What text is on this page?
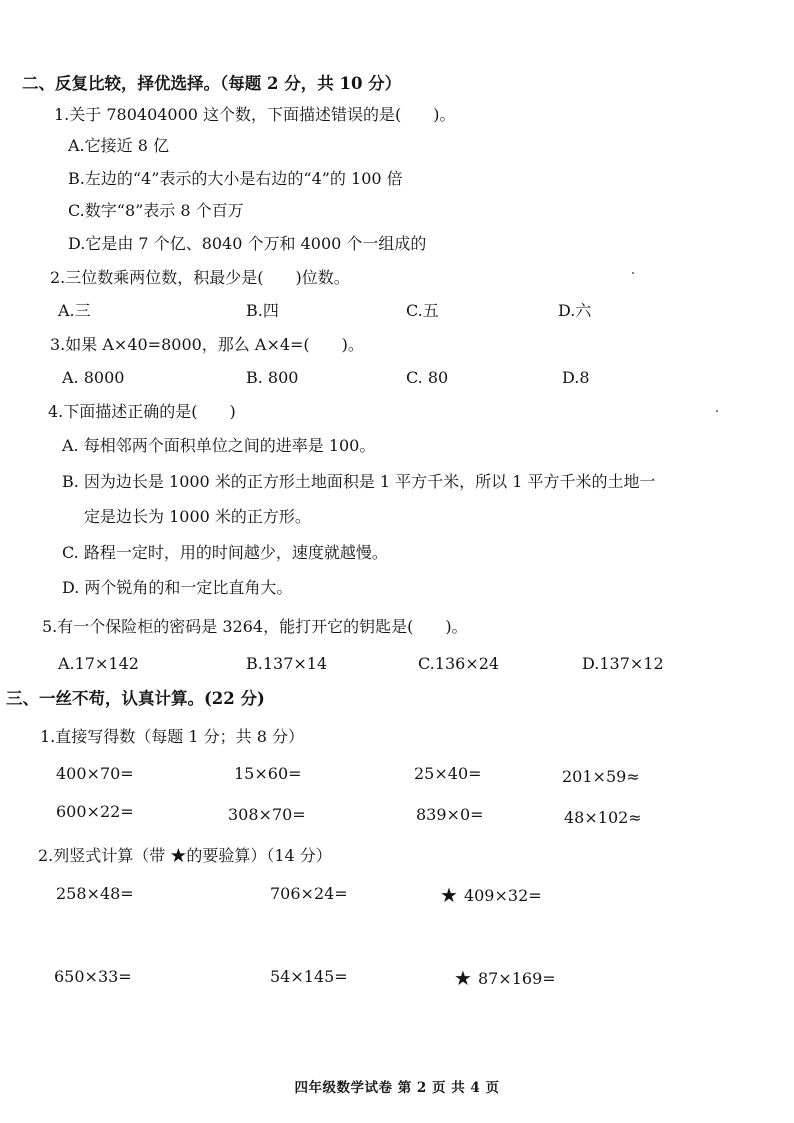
二、反复比较，择优选择。（每题 2 分，共 10 分）
1.关于 780404000 这个数，下面描述错误的是(　　)。
A.它接近 8 亿
B.左边的“4”表示的大小是右边的“4”的 100 倍
C.数字“8”表示 8 个百万
D.它是由 7 个亿、8040 个万和 4000 个一组成的
2.三位数乘两位数，积最少是(　　)位数。
A.三	B.四	C.五	D.六
3.如果 A×40=8000，那么 A×4=(　　)。
A. 8000	B. 800	C. 80	D.8
4.下面描述正确的是(　　)
A. 每相邻两个面积单位之间的进率是 100。
B. 因为边长是 1000 米的正方形土地面积是 1 平方千米，所以 1 平方千米的土地一
定是边长为 1000 米的正方形。
C. 路程一定时，用的时间越少，速度就越慢。
D. 两个锐角的和一定比直角大。
5.有一个保险柜的密码是 3264，能打开它的钥匙是(　　)。
A.17×142	B.137×14	C.136×24	D.137×12
三、一丝不苟，认真计算。(22 分)
1.直接写得数（每题 1 分；共 8 分）
400×70=	15×60=	25×40=	201×59≈
600×22=	308×70=	839×0=	48×102≈
2.列竖式计算（带 ★的要验算）（14 分）
258×48=	706×24=	★ 409×32=
650×33=	54×145=	★ 87×169=
四年级数学试卷 第 2 页 共 4 页
